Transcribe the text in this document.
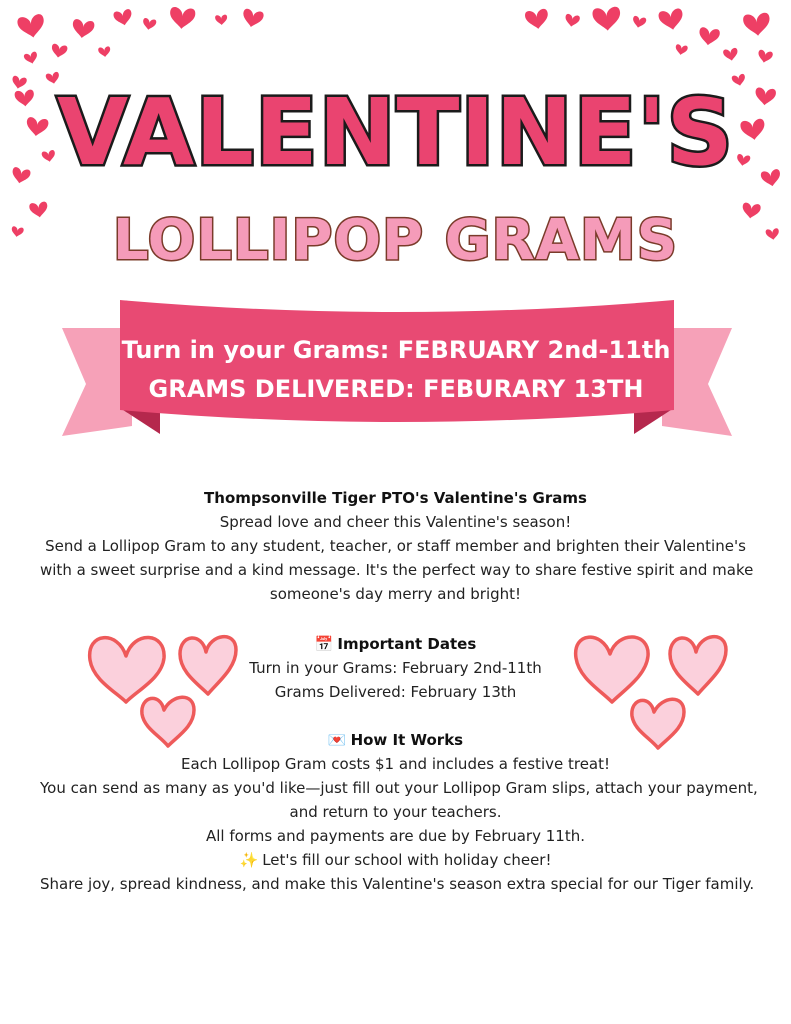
VALENTINE'S
LOLLIPOP GRAMS
Turn in your Grams: FEBRUARY 2nd-11th
GRAMS DELIVERED: FEBURARY 13TH
Thompsonville Tiger PTO's Valentine's Grams
Spread love and cheer this Valentine's season!
Send a Lollipop Gram to any student, teacher, or staff member and brighten their Valentine's
with a sweet surprise and a kind message. It's the perfect way to share festive spirit and make
someone's day merry and bright!
📅 Important Dates
Turn in your Grams: February 2nd-11th
Grams Delivered: February 13th
💌 How It Works
Each Lollipop Gram costs $1 and includes a festive treat!
You can send as many as you'd like—just fill out your Lollipop Gram slips, attach your payment,
and return to your teachers.
All forms and payments are due by February 11th.
✨ Let's fill our school with holiday cheer!
Share joy, spread kindness, and make this Valentine's season extra special for our Tiger family.
